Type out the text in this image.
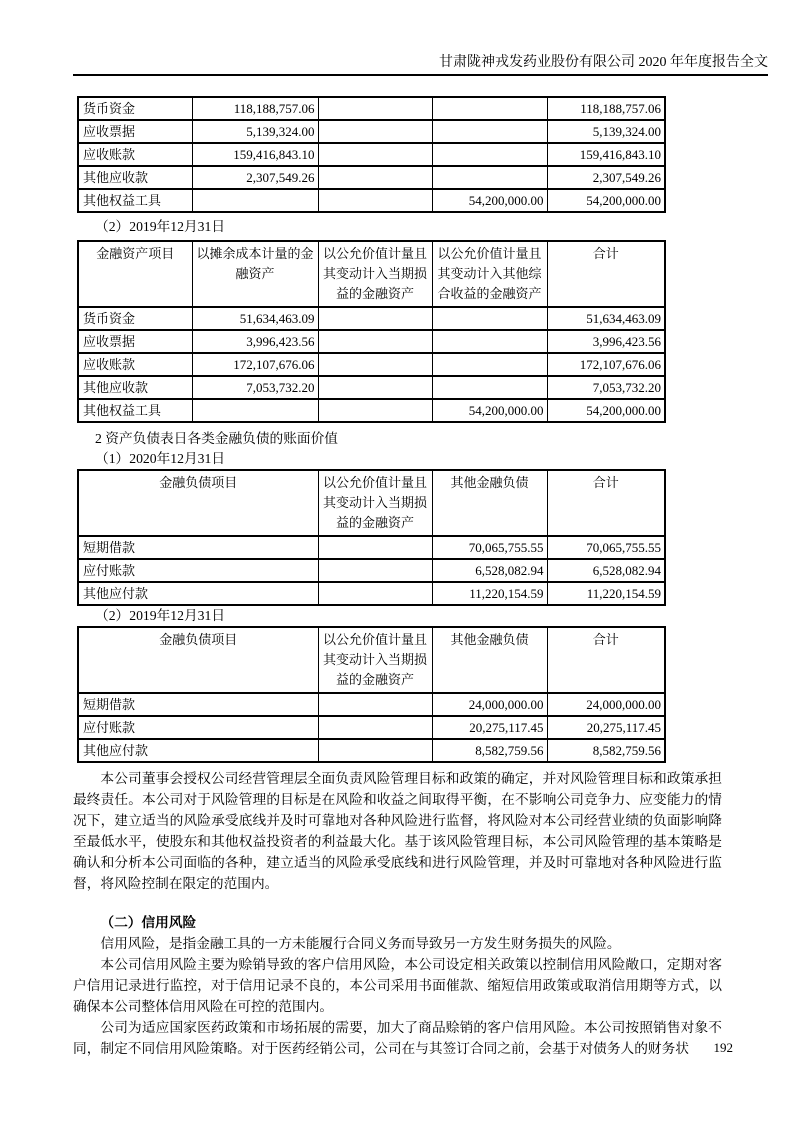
甘肃陇神戎发药业股份有限公司 2020 年年度报告全文
货币资金	118,188,757.06			118,188,757.06
应收票据	5,139,324.00			5,139,324.00
应收账款	159,416,843.10			159,416,843.10
其他应收款	2,307,549.26			2,307,549.26
其他权益工具			54,200,000.00	54,200,000.00

（2）2019年12月31日

金融资产项目	以摊余成本计量的金融资产	以公允价值计量且其变动计入当期损益的金融资产	以公允价值计量且其变动计入其他综合收益的金融资产	合计
货币资金	51,634,463.09			51,634,463.09
应收票据	3,996,423.56			3,996,423.56
应收账款	172,107,676.06			172,107,676.06
其他应收款	7,053,732.20			7,053,732.20
其他权益工具			54,200,000.00	54,200,000.00

2 资产负债表日各类金融负债的账面价值

（1）2020年12月31日

金融负债项目	以公允价值计量且其变动计入当期损益的金融资产	其他金融负债	合计
短期借款		70,065,755.55	70,065,755.55
应付账款		6,528,082.94	6,528,082.94
其他应付款		11,220,154.59	11,220,154.59

（2）2019年12月31日

金融负债项目	以公允价值计量且其变动计入当期损益的金融资产	其他金融负债	合计
短期借款		24,000,000.00	24,000,000.00
应付账款		20,275,117.45	20,275,117.45
其他应付款		8,582,759.56	8,582,759.56

本公司董事会授权公司经营管理层全面负责风险管理目标和政策的确定，并对风险管理目标和政策承担最终责任。本公司对于风险管理的目标是在风险和收益之间取得平衡，在不影响公司竞争力、应变能力的情况下，建立适当的风险承受底线并及时可靠地对各种风险进行监督，将风险对本公司经营业绩的负面影响降至最低水平，使股东和其他权益投资者的利益最大化。基于该风险管理目标，本公司风险管理的基本策略是确认和分析本公司面临的各种，建立适当的风险承受底线和进行风险管理，并及时可靠地对各种风险进行监督，将风险控制在限定的范围内。

（二）信用风险

信用风险，是指金融工具的一方未能履行合同义务而导致另一方发生财务损失的风险。

本公司信用风险主要为赊销导致的客户信用风险，本公司设定相关政策以控制信用风险敞口，定期对客户信用记录进行监控，对于信用记录不良的，本公司采用书面催款、缩短信用政策或取消信用期等方式，以确保本公司整体信用风险在可控的范围内。

公司为适应国家医药政策和市场拓展的需要，加大了商品赊销的客户信用风险。本公司按照销售对象不同，制定不同信用风险策略。对于医药经销公司，公司在与其签订合同之前，会基于对债务人的财务状	192
